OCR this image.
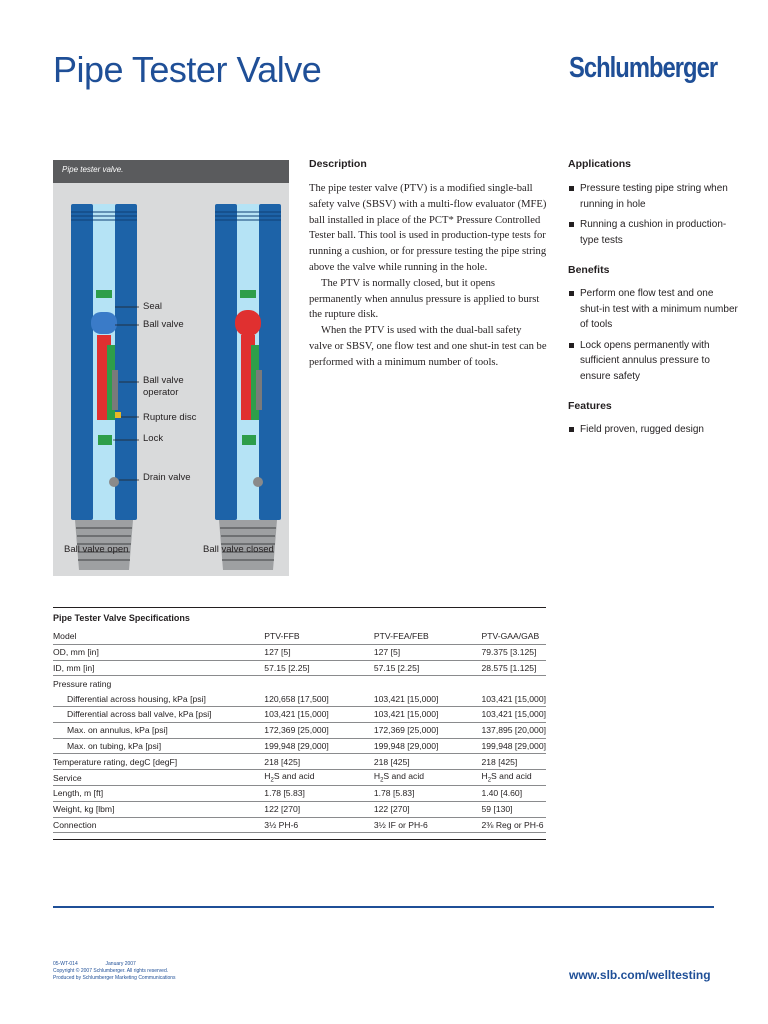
Pipe Tester Valve	Schlumberger
Pipe tester valve.
Seal
Ball valve
Ball valve
operator
Rupture disc
Lock
Drain valve
Ball valve open	Ball valve closed
Description

The pipe tester valve (PTV) is a modified single-ball safety valve (SBSV) with a multi-flow evaluator (MFE) ball installed in place of the PCT* Pressure Controlled Tester ball. This tool is used in production-type tests for running a cushion, or for pressure testing the pipe string above the valve while running in the hole.

The PTV is normally closed, but it opens permanently when annulus pressure is applied to burst the rupture disk.

When the PTV is used with the dual-ball safety valve or SBSV, one flow test and one shut-in test can be performed with a minimum number of tools.

Applications
Pressure testing pipe string when running in hole
Running a cushion in production-type tests
Benefits
Perform one flow test and one shut-in test with a minimum number of tools
Lock opens permanently with sufficient annulus pressure to ensure safety
Features
Field proven, rugged design
Pipe Tester Valve Specifications
Model	PTV-FFB	PTV-FEA/FEB	PTV-GAA/GAB
OD, mm [in]	127 [5]	127 [5]	79.375 [3.125]
ID, mm [in]	57.15 [2.25]	57.15 [2.25]	28.575 [1.125]
Pressure rating			
Differential across housing, kPa [psi]	120,658 [17,500]	103,421 [15,000]	103,421 [15,000]
Differential across ball valve, kPa [psi]	103,421 [15,000]	103,421 [15,000]	103,421 [15,000]
Max. on annulus, kPa [psi]	172,369 [25,000]	172,369 [25,000]	137,895 [20,000]
Max. on tubing, kPa [psi]	199,948 [29,000]	199,948 [29,000]	199,948 [29,000]
Temperature rating, degC [degF]	218 [425]	218 [425]	218 [425]
Service	$H_2S$ and acid	$H_2S$ and acid	$H_2S$ and acid
Length, m [ft]	1.78 [5.83]	1.78 [5.83]	1.40 [4.60]
Weight, kg [lbm]	122 [270]	122 [270]	59 [130]
Connection	3½ PH-6	3½ IF or PH-6	2⅜ Reg or PH-6
05-WT-014	January 2007
Copyright © 2007 Schlumberger. All rights reserved.
Produced by Schlumberger Marketing Communications	www.slb.com/welltesting
